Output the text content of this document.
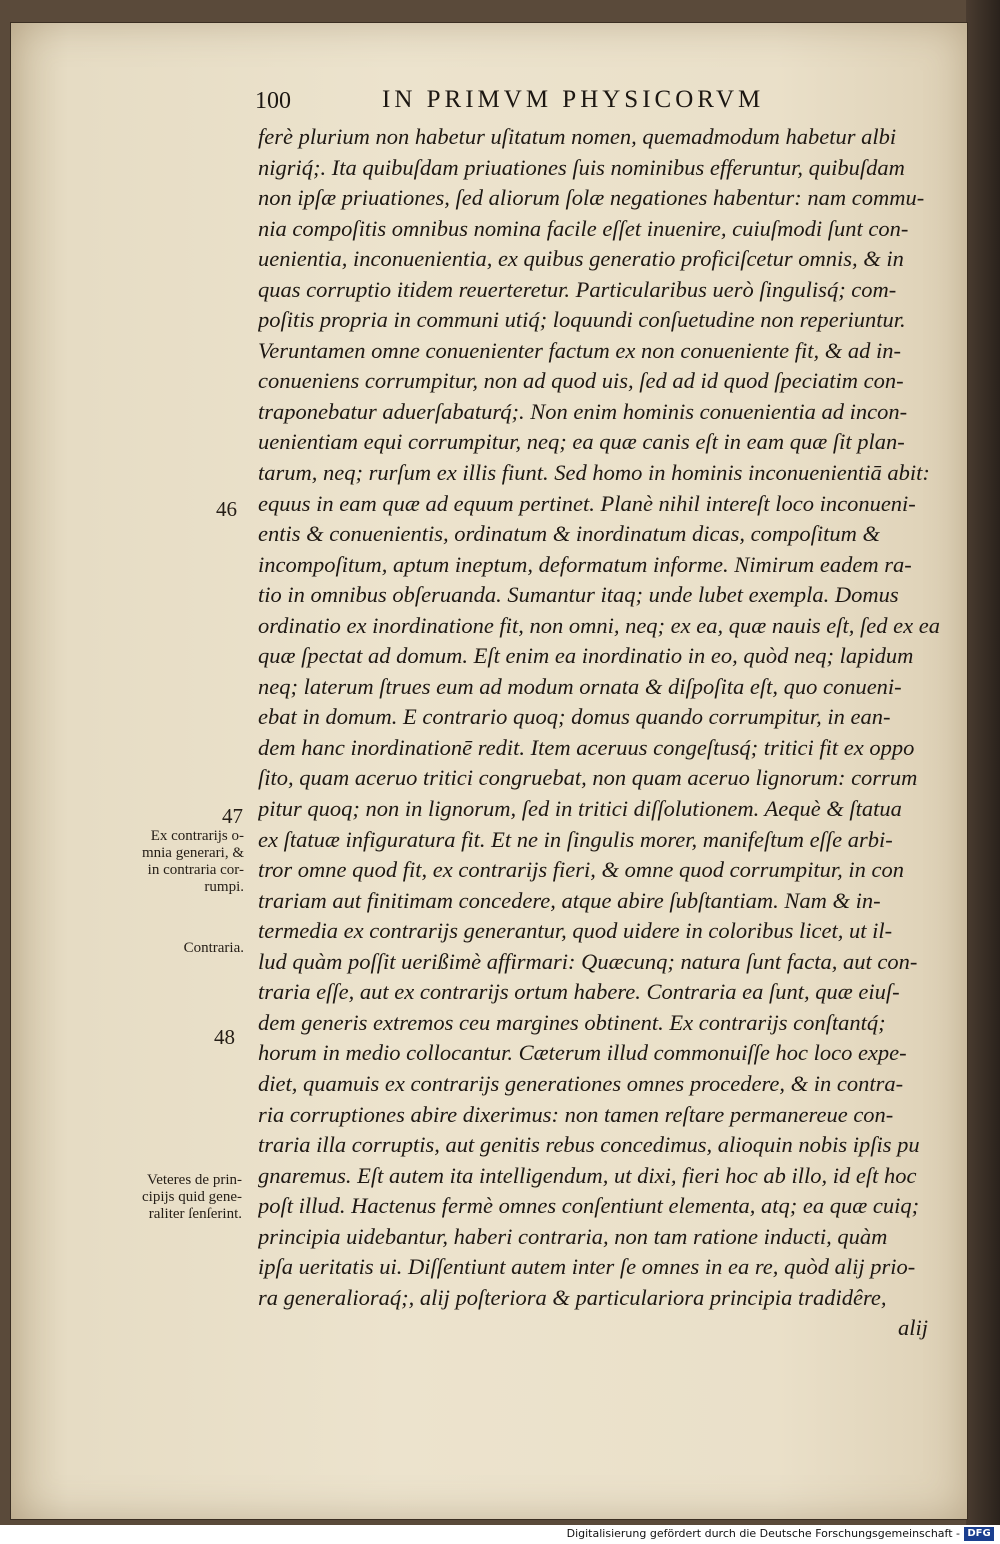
100	IN PRIMVM PHYSICORVM
ferè plurium non habetur uſitatum nomen, quemadmodum habetur albi
nigriq́;. Ita quibuſdam priuationes ſuis nominibus efferuntur, quibuſdam
non ipſæ priuationes, ſed aliorum ſolæ negationes habentur: nam commu-
nia compoſitis omnibus nomina facile eſſet inuenire, cuiuſmodi ſunt con-
uenientia, inconuenientia, ex quibus generatio proficiſcetur omnis, & in
quas corruptio itidem reuerteretur. Particularibus uerò ſingulisq́; com-
poſitis propria in communi utiq́; loquundi conſuetudine non reperiuntur.
Veruntamen omne conuenienter factum ex non conueniente fit, & ad in-
conueniens corrumpitur, non ad quod uis, ſed ad id quod ſpeciatim con-
traponebatur aduerſabaturq́;. Non enim hominis conuenientia ad incon-
uenientiam equi corrumpitur, neq; ea quæ canis eſt in eam quæ ſit plan-
tarum, neq; rurſum ex illis fiunt. Sed homo in hominis inconuenientiā abit:
equus in eam quæ ad equum pertinet. Planè nihil intereſt loco inconueni-
entis & conuenientis, ordinatum & inordinatum dicas, compoſitum &
incompoſitum, aptum ineptum, deformatum informe. Nimirum eadem ra-
tio in omnibus obſeruanda. Sumantur itaq; unde lubet exempla. Domus
ordinatio ex inordinatione fit, non omni, neq; ex ea, quæ nauis eſt, ſed ex ea
quæ ſpectat ad domum. Eſt enim ea inordinatio in eo, quòd neq; lapidum
neq; laterum ſtrues eum ad modum ornata & diſpoſita eſt, quo conueni-
ebat in domum. E contrario quoq; domus quando corrumpitur, in ean-
dem hanc inordinationē redit. Item aceruus congeſtusq́; tritici fit ex oppo
ſito, quam aceruo tritici congruebat, non quam aceruo lignorum: corrum
pitur quoq; non in lignorum, ſed in tritici diſſolutionem. Aequè & ſtatua
ex ſtatuæ infiguratura fit. Et ne in ſingulis morer, manifeſtum eſſe arbi-
tror omne quod fit, ex contrarijs fieri, & omne quod corrumpitur, in con
trariam aut finitimam concedere, atque abire ſubſtantiam. Nam & in-
termedia ex contrarijs generantur, quod uidere in coloribus licet, ut il-
lud quàm poſſit uerißimè affirmari: Quæcunq; natura ſunt facta, aut con-
traria eſſe, aut ex contrarijs ortum habere. Contraria ea ſunt, quæ eiuſ-
dem generis extremos ceu margines obtinent. Ex contrarijs conſtantq́;
horum in medio collocantur. Cæterum illud commonuiſſe hoc loco expe-
diet, quamuis ex contrarijs generationes omnes procedere, & in contra-
ria corruptiones abire dixerimus: non tamen reſtare permanereue con-
traria illa corruptis, aut genitis rebus concedimus, alioquin nobis ipſis pu
gnaremus. Eſt autem ita intelligendum, ut dixi, fieri hoc ab illo, id eſt hoc
poſt illud. Hactenus fermè omnes conſentiunt elementa, atq; ea quæ cuiq;
principia uidebantur, haberi contraria, non tam ratione inducti, quàm
ipſa ueritatis ui. Diſſentiunt autem inter ſe omnes in ea re, quòd alij prio-
ra generalioraq́;, alij poſteriora & particulariora principia tradidêre,
alij
46
47
48
Ex contrarijs o-
mnia generari, &
in contraria cor-
rumpi.
Contraria.
Veteres de prin-
cipijs quid gene-
raliter ſenſerint.
Digitalisierung gefördert durch die Deutsche Forschungsgemeinschaft - DFG
